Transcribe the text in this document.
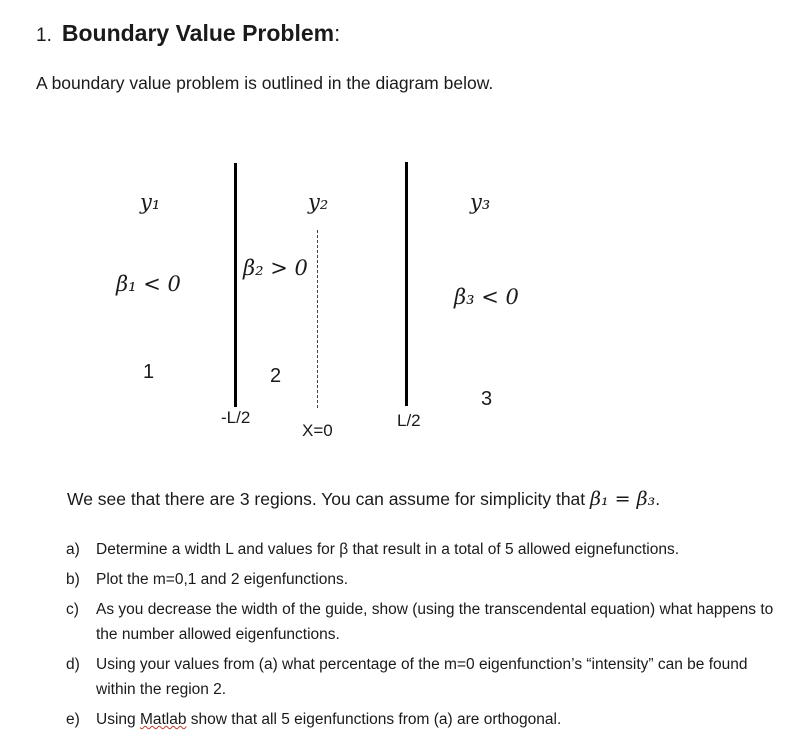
1. Boundary Value Problem:
A boundary value problem is outlined in the diagram below.
y₁	y₂	y₃
β₁ < 0
β₂ > 0
β₃ < 0
1	2
3
-L/2
X=0
L/2
We see that there are 3 regions. You can assume for simplicity that β₁ = β₃.
a)	Determine a width L and values for β that result in a total of 5 allowed eignefunctions.
b)	Plot the m=0,1 and 2 eigenfunctions.
c)	As you decrease the width of the guide, show (using the transcendental equation) what happens to the number allowed eigenfunctions.
d)	Using your values from (a) what percentage of the m=0 eigenfunction’s “intensity” can be found within the region 2.
e)	Using Matlab show that all 5 eigenfunctions from (a) are orthogonal.
